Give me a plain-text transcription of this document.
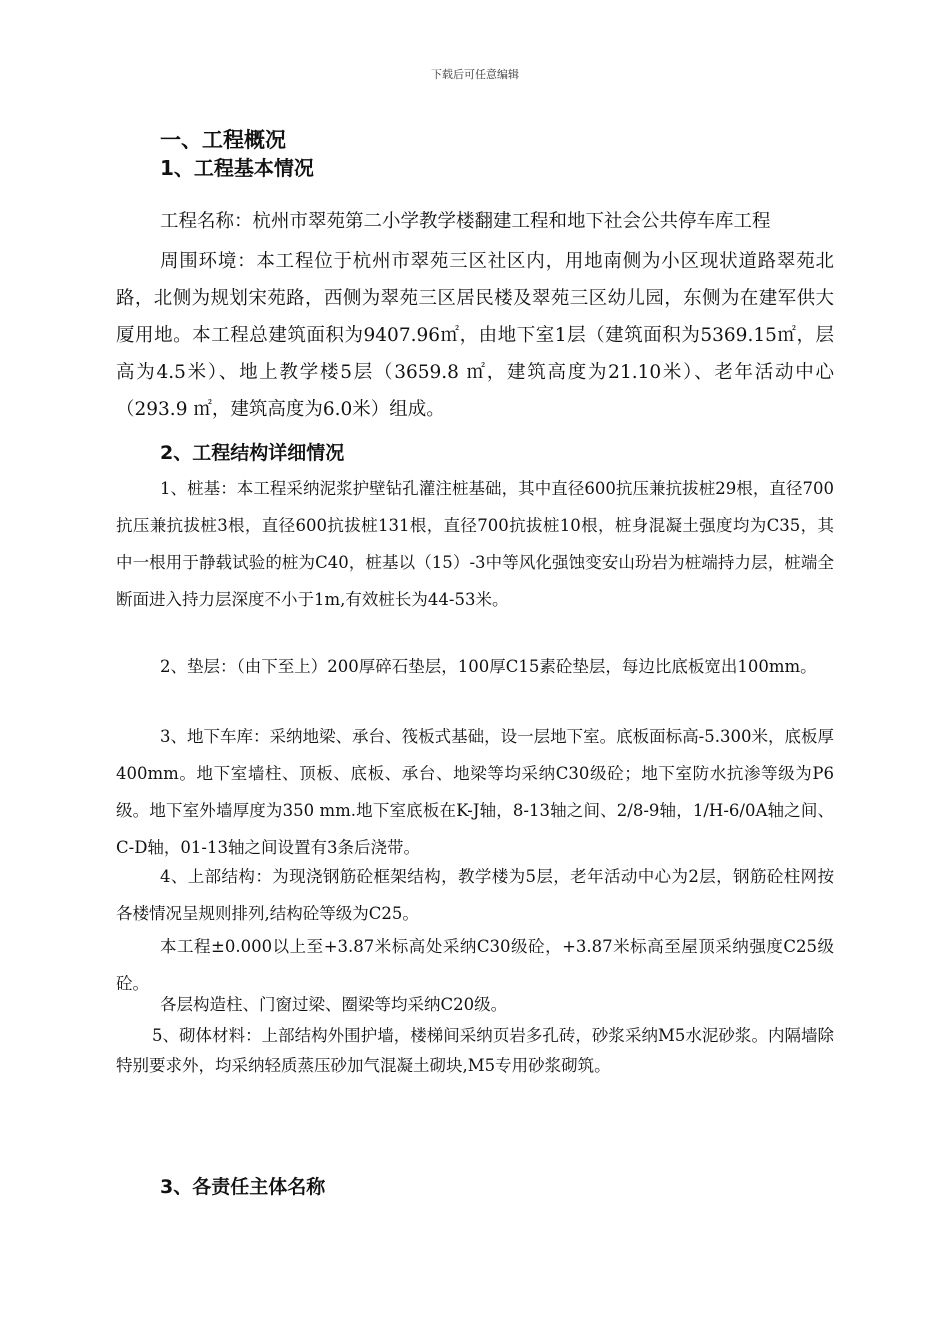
下载后可任意编辑
一、工程概况
1、工程基本情况
工程名称：杭州市翠苑第二小学教学楼翻建工程和地下社会公共停车库工程
周围环境：本工程位于杭州市翠苑三区社区内，用地南侧为小区现状道路翠苑北路，北侧为规划宋苑路，西侧为翠苑三区居民楼及翠苑三区幼儿园，东侧为在建军供大厦用地。本工程总建筑面积为9407.96㎡，由地下室1层（建筑面积为5369.15㎡，层高为4.5米）、地上教学楼5层（3659.8 ㎡，建筑高度为21.10米）、老年活动中心（293.9 ㎡，建筑高度为6.0米）组成。
2、工程结构详细情况
1、桩基：本工程采纳泥浆护壁钻孔灌注桩基础，其中直径600抗压兼抗拔桩29根，直径700抗压兼抗拔桩3根，直径600抗拔桩131根，直径700抗拔桩10根，桩身混凝土强度均为C35，其中一根用于静载试验的桩为C40，桩基以（15）-3中等风化强蚀变安山玢岩为桩端持力层，桩端全断面进入持力层深度不小于1m,有效桩长为44-53米。
2、垫层：（由下至上）200厚碎石垫层，100厚C15素砼垫层，每边比底板宽出100mm。
3、地下车库：采纳地梁、承台、筏板式基础，设一层地下室。底板面标高-5.300米，底板厚400mm。地下室墙柱、顶板、底板、承台、地梁等均采纳C30级砼；地下室防水抗渗等级为P6级。地下室外墙厚度为350 mm.地下室底板在K-J轴，8-13轴之间、2/8-9轴，1/H-6/0A轴之间、C-D轴，01-13轴之间设置有3条后浇带。
4、上部结构：为现浇钢筋砼框架结构，教学楼为5层，老年活动中心为2层，钢筋砼柱网按各楼情况呈规则排列,结构砼等级为C25。
本工程±0.000以上至+3.87米标高处采纳C30级砼，+3.87米标高至屋顶采纳强度C25级砼。
各层构造柱、门窗过梁、圈梁等均采纳C20级。
5、砌体材料：上部结构外围护墙，楼梯间采纳页岩多孔砖，砂浆采纳M5水泥砂浆。内隔墙除特别要求外，均采纳轻质蒸压砂加气混凝土砌块,M5专用砂浆砌筑。
3、各责任主体名称
